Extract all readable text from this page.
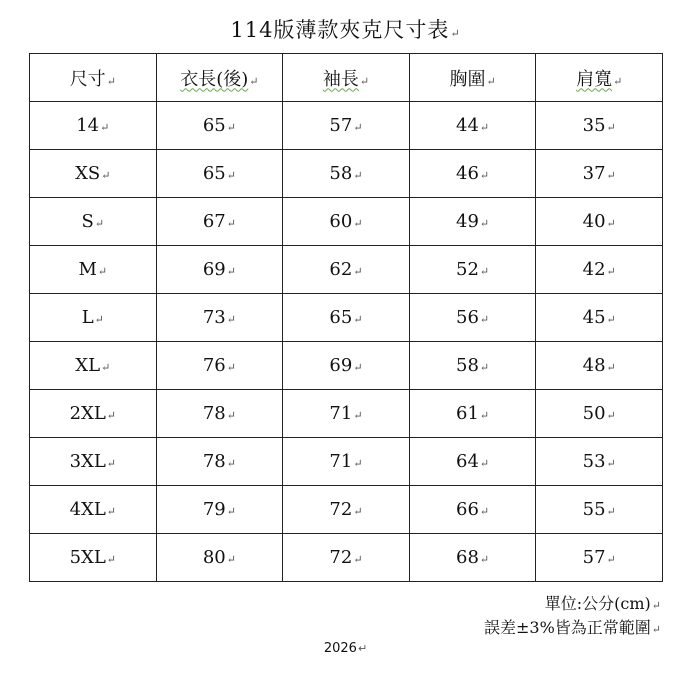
114版薄款夾克尺寸表↵
尺寸↵	衣長(後)↵	袖長↵	胸圍↵	肩寬↵
14↵	65↵	57↵	44↵	35↵
XS↵	65↵	58↵	46↵	37↵
S↵	67↵	60↵	49↵	40↵
M↵	69↵	62↵	52↵	42↵
L↵	73↵	65↵	56↵	45↵
XL↵	76↵	69↵	58↵	48↵
2XL↵	78↵	71↵	61↵	50↵
3XL↵	78↵	71↵	64↵	53↵
4XL↵	79↵	72↵	66↵	55↵
5XL↵	80↵	72↵	68↵	57↵
單位:公分(cm)↵
誤差±3%皆為正常範圍↵
2026↵
